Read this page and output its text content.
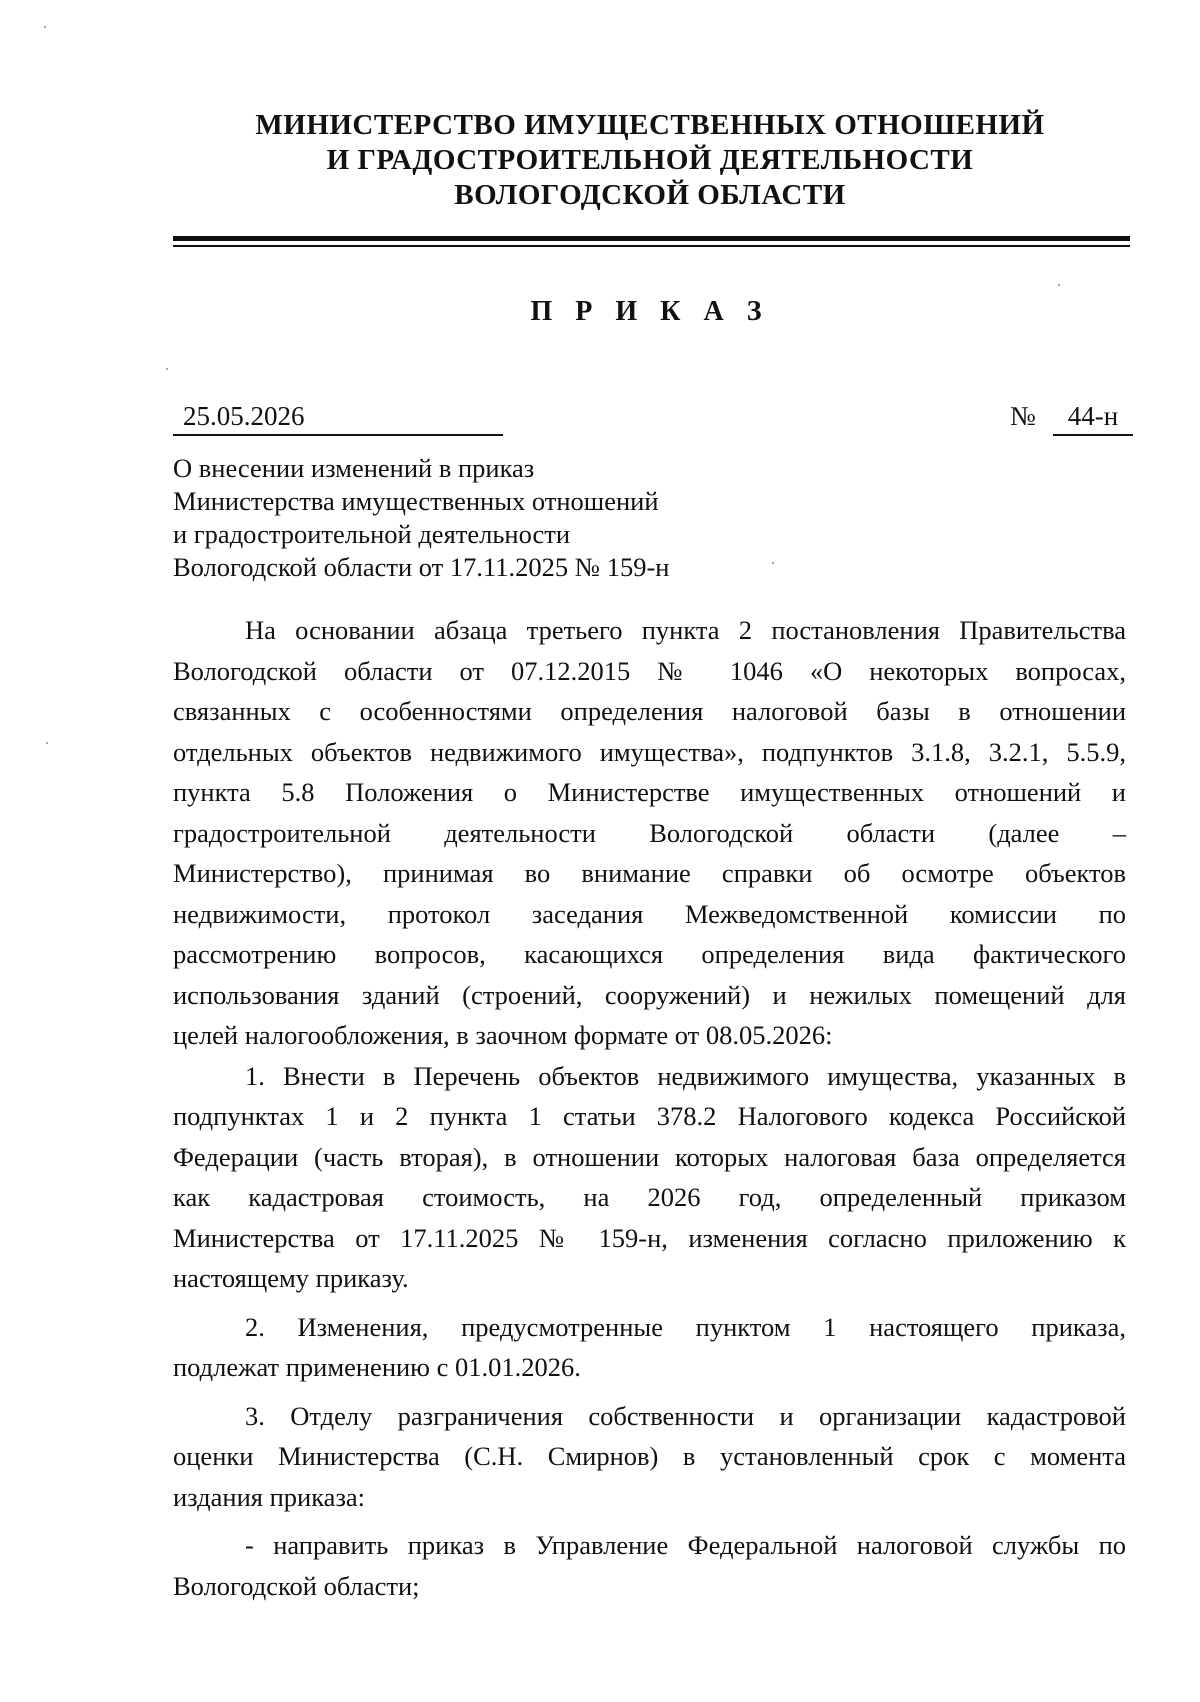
МИНИСТЕРСТВО ИМУЩЕСТВЕННЫХ ОТНОШЕНИЙ
И ГРАДОСТРОИТЕЛЬНОЙ ДЕЯТЕЛЬНОСТИ
ВОЛОГОДСКОЙ ОБЛАСТИ
П Р И К А З
25.05.2026	№	44-н
О внесении изменений в приказ
Министерства имущественных отношений
и градостроительной деятельности
Вологодской области от 17.11.2025 № 159-н
На основании абзаца третьего пункта 2 постановления Правительства
Вологодской области от 07.12.2015 № 1046 «О некоторых вопросах,
связанных с особенностями определения налоговой базы в отношении
отдельных объектов недвижимого имущества», подпунктов 3.1.8, 3.2.1, 5.5.9,
пункта 5.8 Положения о Министерстве имущественных отношений и
градостроительной деятельности Вологодской области (далее –
Министерство), принимая во внимание справки об осмотре объектов
недвижимости, протокол заседания Межведомственной комиссии по
рассмотрению вопросов, касающихся определения вида фактического
использования зданий (строений, сооружений) и нежилых помещений для
целей налогообложения, в заочном формате от 08.05.2026:
1. Внести в Перечень объектов недвижимого имущества, указанных в
подпунктах 1 и 2 пункта 1 статьи 378.2 Налогового кодекса Российской
Федерации (часть вторая), в отношении которых налоговая база определяется
как кадастровая стоимость, на 2026 год, определенный приказом
Министерства от 17.11.2025 № 159-н, изменения согласно приложению к
настоящему приказу.
2. Изменения, предусмотренные пунктом 1 настоящего приказа,
подлежат применению с 01.01.2026.
3. Отделу разграничения собственности и организации кадастровой
оценки Министерства (С.Н. Смирнов) в установленный срок с момента
издания приказа:
- направить приказ в Управление Федеральной налоговой службы по
Вологодской области;
